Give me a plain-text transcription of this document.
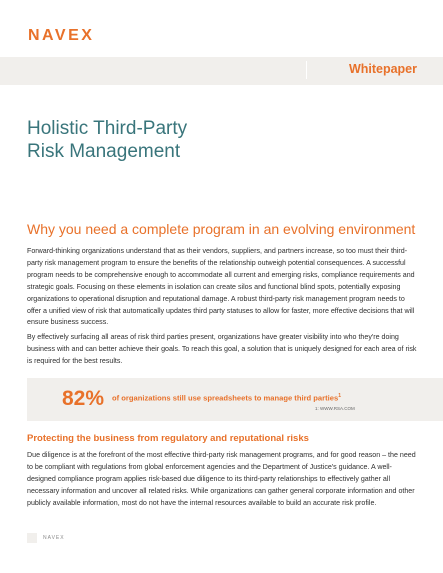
NAVEX
Whitepaper
Holistic Third-Party
Risk Management
Why you need a complete program in an evolving environment

Forward-thinking organizations understand that as their vendors, suppliers, and partners increase, so too must their third-party risk management program to ensure the benefits of the relationship outweigh potential consequences. A successful program needs to be comprehensive enough to accommodate all current and emerging risks, compliance requirements and strategic goals. Focusing on these elements in isolation can create silos and functional blind spots, potentially exposing organizations to operational disruption and reputational damage. A robust third-party risk management program needs to offer a unified view of risk that automatically updates third party statuses to allow for faster, more effective decisions that will ensure business success.

By effectively surfacing all areas of risk third parties present, organizations have greater visibility into who they're doing business with and can better achieve their goals. To reach this goal, a solution that is uniquely designed for each area of risk is required for the best results.

82% of organizations still use spreadsheets to manage third parties$^1$
1: WWW.RSA.COM
Protecting the business from regulatory and reputational risks

Due diligence is at the forefront of the most effective third-party risk management programs, and for good reason – the need to be compliant with regulations from global enforcement agencies and the Department of Justice's guidance. A well-designed compliance program applies risk-based due diligence to its third-party relationships to effectively gather all necessary information and uncover all related risks. While organizations can gather general corporate information and other publicly available information, most do not have the internal resources available to build an accurate risk profile.

NAVEX
